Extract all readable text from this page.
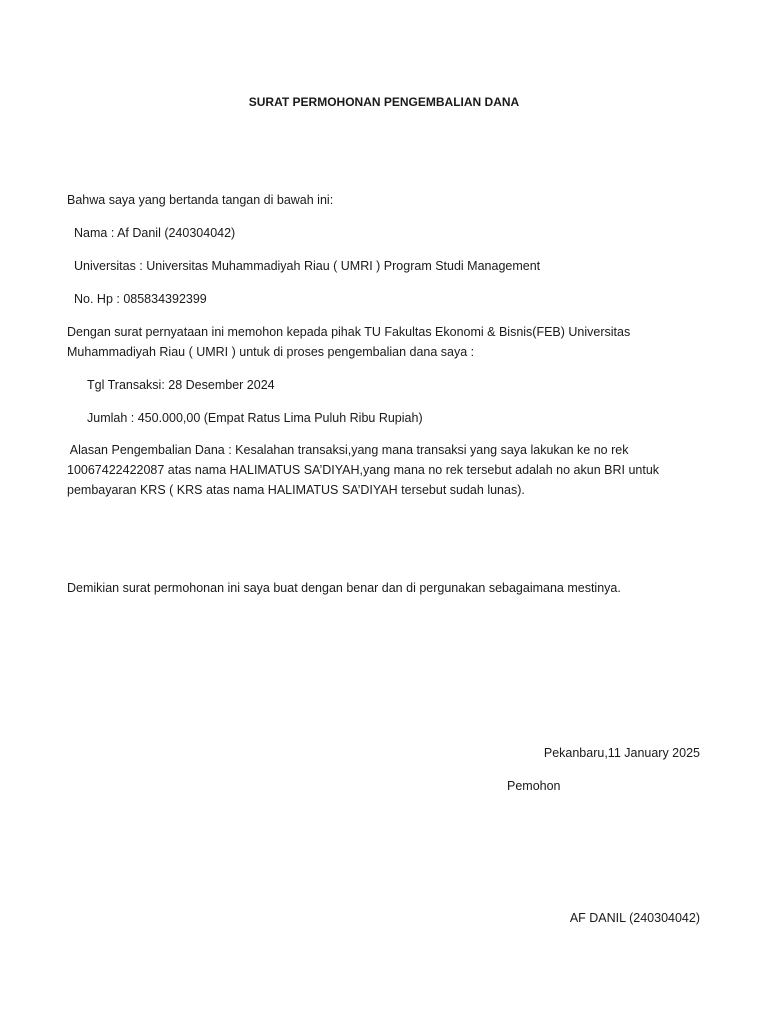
SURAT PERMOHONAN PENGEMBALIAN DANA
Bahwa saya yang bertanda tangan di bawah ini:
Nama : Af Danil (240304042)
Universitas : Universitas Muhammadiyah Riau ( UMRI ) Program Studi Management
No. Hp : 085834392399
Dengan surat pernyataan ini memohon kepada pihak TU Fakultas Ekonomi & Bisnis(FEB) Universitas
Muhammadiyah Riau ( UMRI ) untuk di proses pengembalian dana saya :
Tgl Transaksi: 28 Desember 2024
Jumlah : 450.000,00 (Empat Ratus Lima Puluh Ribu Rupiah)
Alasan Pengembalian Dana : Kesalahan transaksi,yang mana transaksi yang saya lakukan ke no rek
10067422422087 atas nama HALIMATUS SA’DIYAH,yang mana no rek tersebut adalah no akun BRI untuk
pembayaran KRS ( KRS atas nama HALIMATUS SA’DIYAH tersebut sudah lunas).
Demikian surat permohonan ini saya buat dengan benar dan di pergunakan sebagaimana mestinya.
Pekanbaru,11 January 2025
Pemohon
AF DANIL (240304042)
